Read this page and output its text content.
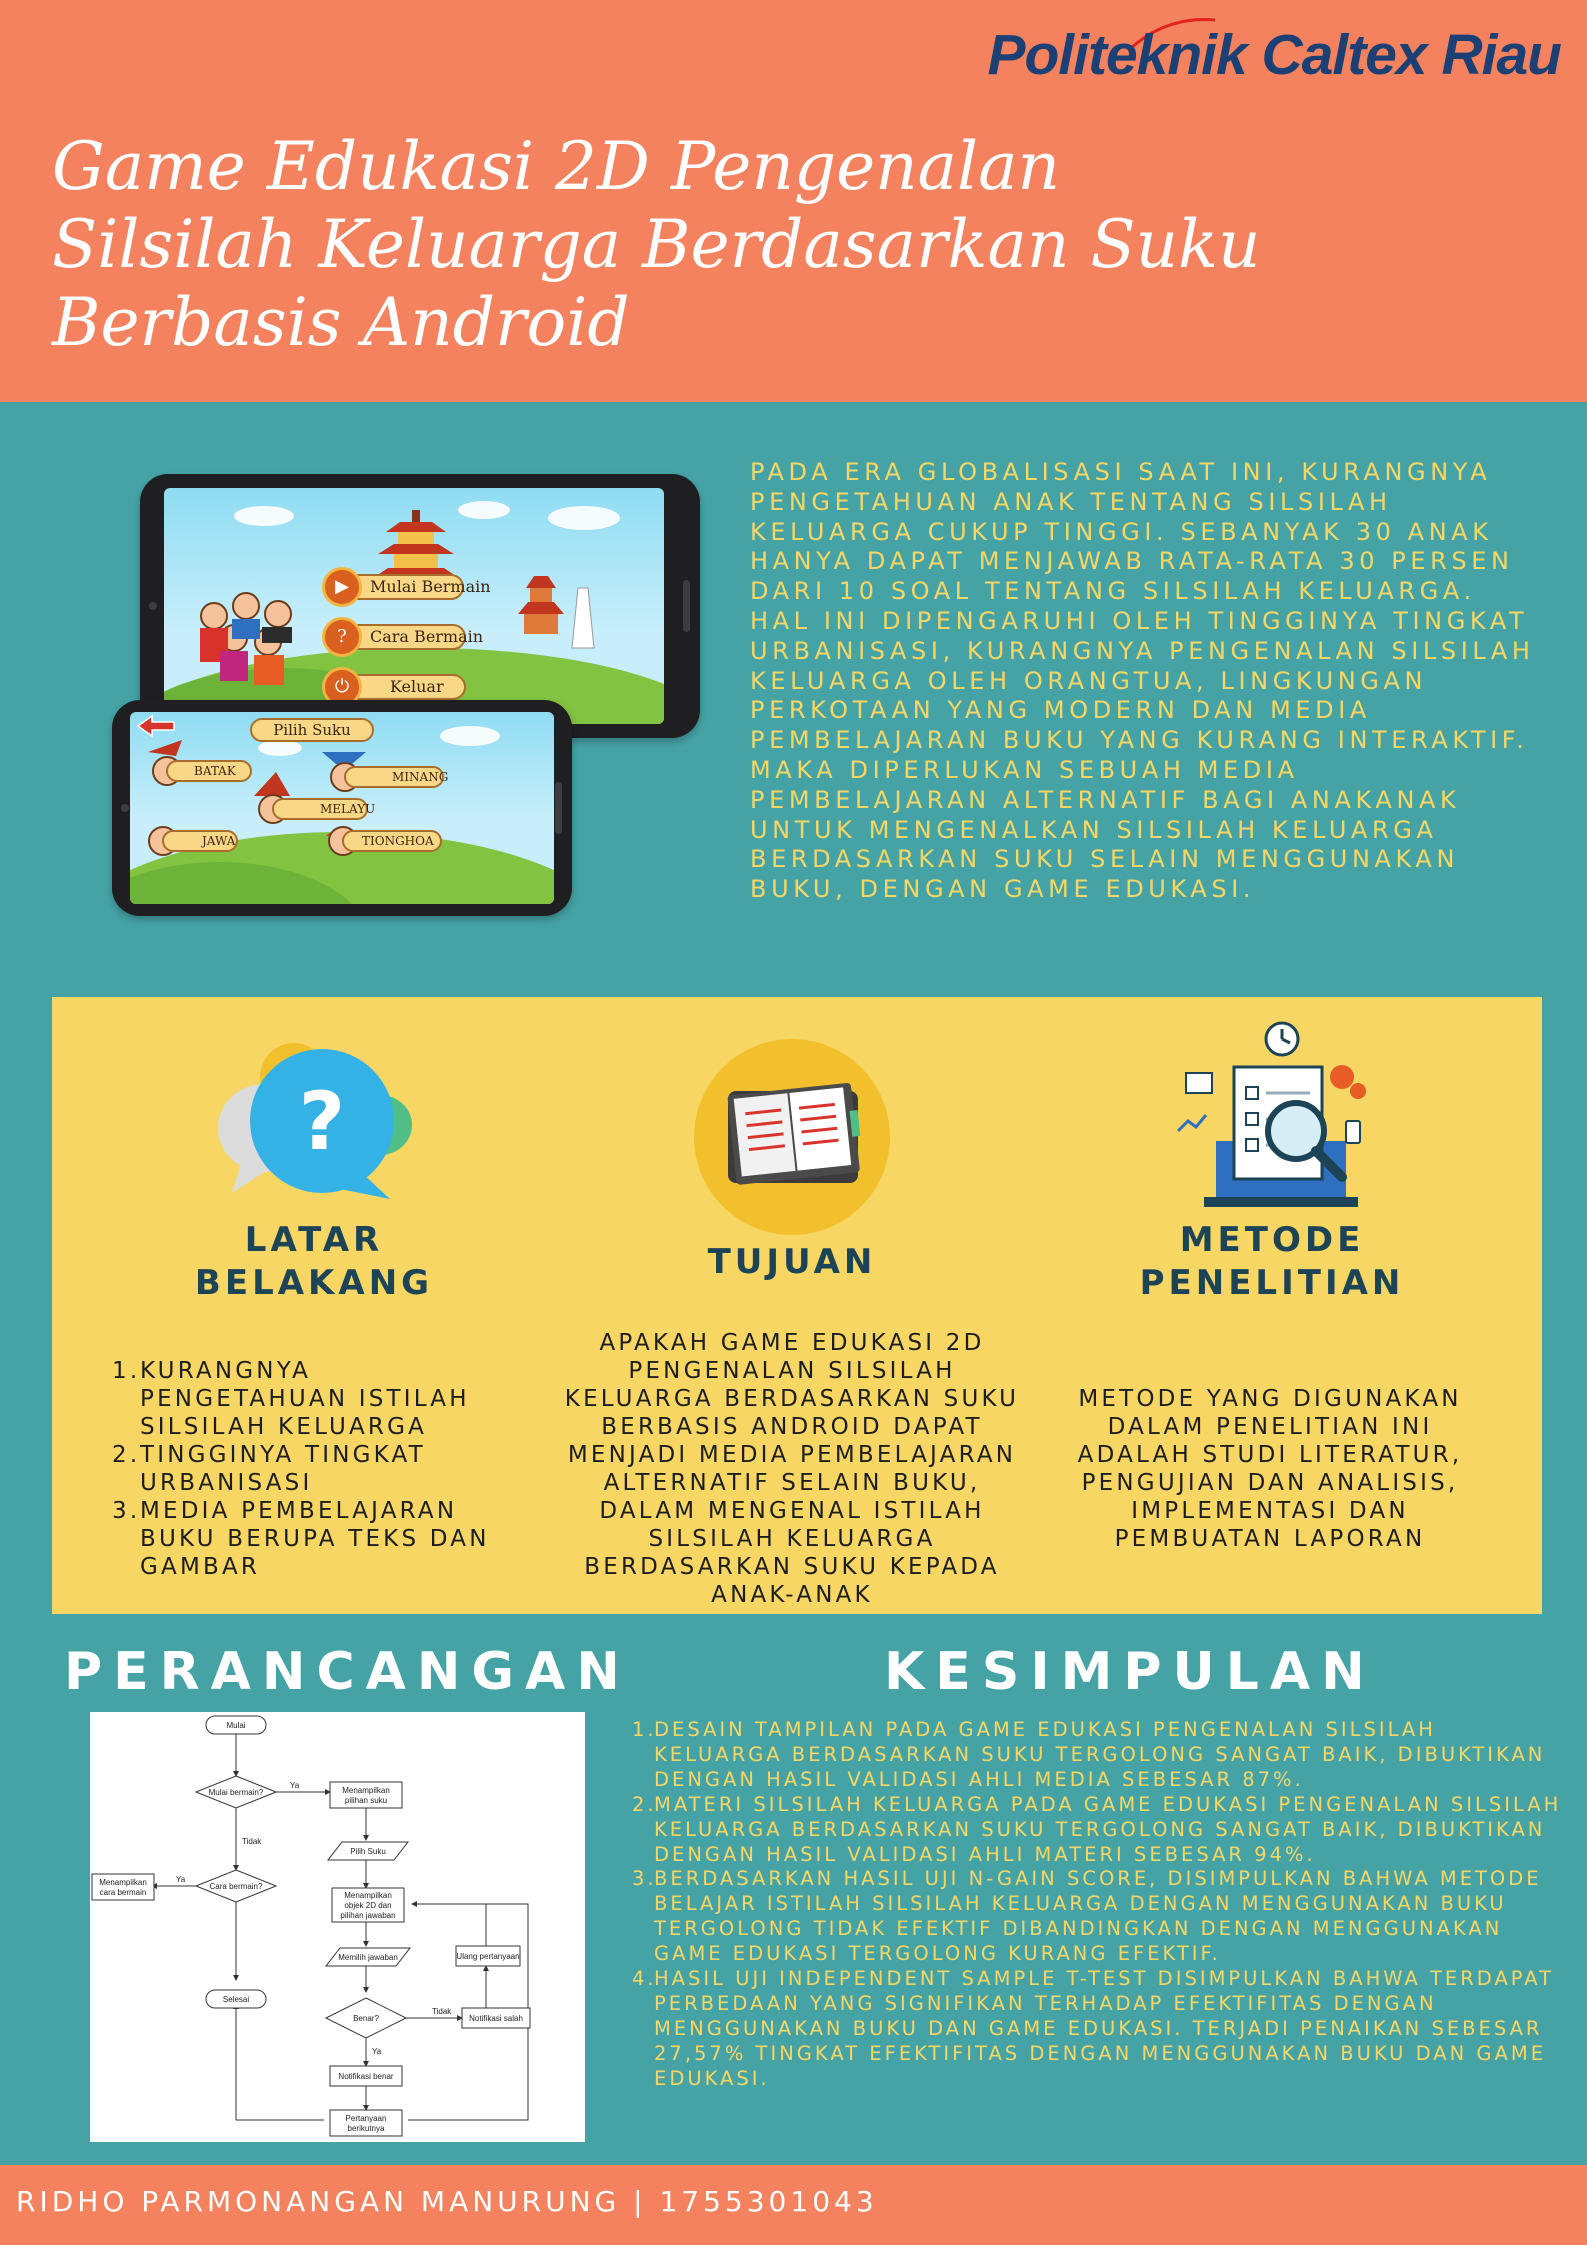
Politeknik Caltex Riau
Game Edukasi 2D Pengenalan
Silsilah Keluarga Berdasarkan Suku
Berbasis Android
▶	Mulai Bermain
?	Cara Bermain
⏻	Keluar
Pilih Suku
BATAK	MINANG
MELAYU
JAWA	TIONGHOA
PADA ERA GLOBALISASI SAAT INI, KURANGNYA PENGETAHUAN ANAK TENTANG SILSILAH KELUARGA CUKUP TINGGI. SEBANYAK 30 ANAK HANYA DAPAT MENJAWAB RATA-RATA 30 PERSEN DARI 10 SOAL TENTANG SILSILAH KELUARGA. HAL INI DIPENGARUHI OLEH TINGGINYA TINGKAT URBANISASI, KURANGNYA PENGENALAN SILSILAH KELUARGA OLEH ORANGTUA, LINGKUNGAN PERKOTAAN YANG MODERN DAN MEDIA PEMBELAJARAN BUKU YANG KURANG INTERAKTIF. MAKA DIPERLUKAN SEBUAH MEDIA PEMBELAJARAN ALTERNATIF BAGI ANAKANAK UNTUK MENGENALKAN SILSILAH KELUARGA BERDASARKAN SUKU SELAIN MENGGUNAKAN BUKU, DENGAN GAME EDUKASI.
?
LATAR
BELAKANG
1. KURANGNYA PENGETAHUAN ISTILAH SILSILAH KELUARGA
2. TINGGINYA TINGKAT URBANISASI
3. MEDIA PEMBELAJARAN BUKU BERUPA TEKS DAN GAMBAR
TUJUAN
APAKAH GAME EDUKASI 2D PENGENALAN SILSILAH KELUARGA BERDASARKAN SUKU BERBASIS ANDROID DAPAT MENJADI MEDIA PEMBELAJARAN ALTERNATIF SELAIN BUKU, DALAM MENGENAL ISTILAH SILSILAH KELUARGA BERDASARKAN SUKU KEPADA ANAK-ANAK
METODE
PENELITIAN
METODE YANG DIGUNAKAN DALAM PENELITIAN INI ADALAH STUDI LITERATUR, PENGUJIAN DAN ANALISIS, IMPLEMENTASI DAN PEMBUATAN LAPORAN
PERANCANGAN
Mulai
Mulai bermain?
Ya
Menampilkan
pilihan suku
Pilih Suku
Tidak
Cara bermain?
Ya
Menampilkan
cara bermain	Menampilkan
objek 2D dan
pilihan jawaban
Memilih jawaban	Ulang pertanyaan
Selesai
Benar?
Tidak
Notifikasi salah
Ya
Notifikasi benar
Pertanyaan
berikutnya
KESIMPULAN
1.
DESAIN TAMPILAN PADA GAME EDUKASI PENGENALAN SILSILAH KELUARGA BERDASARKAN SUKU TERGOLONG SANGAT BAIK, DIBUKTIKAN DENGAN HASIL VALIDASI AHLI MEDIA SEBESAR 87%.
2.
MATERI SILSILAH KELUARGA PADA GAME EDUKASI PENGENALAN SILSILAH KELUARGA BERDASARKAN SUKU TERGOLONG SANGAT BAIK, DIBUKTIKAN DENGAN HASIL VALIDASI AHLI MATERI SEBESAR 94%.
3.
BERDASARKAN HASIL UJI N-GAIN SCORE, DISIMPULKAN BAHWA METODE BELAJAR ISTILAH SILSILAH KELUARGA DENGAN MENGGUNAKAN BUKU TERGOLONG TIDAK EFEKTIF DIBANDINGKAN DENGAN MENGGUNAKAN GAME EDUKASI TERGOLONG KURANG EFEKTIF.
4.
HASIL UJI INDEPENDENT SAMPLE T-TEST DISIMPULKAN BAHWA TERDAPAT PERBEDAAN YANG SIGNIFIKAN TERHADAP EFEKTIFITAS DENGAN MENGGUNAKAN BUKU DAN GAME EDUKASI. TERJADI PENAIKAN SEBESAR 27,57% TINGKAT EFEKTIFITAS DENGAN MENGGUNAKAN BUKU DAN GAME EDUKASI.
RIDHO PARMONANGAN MANURUNG | 1755301043
